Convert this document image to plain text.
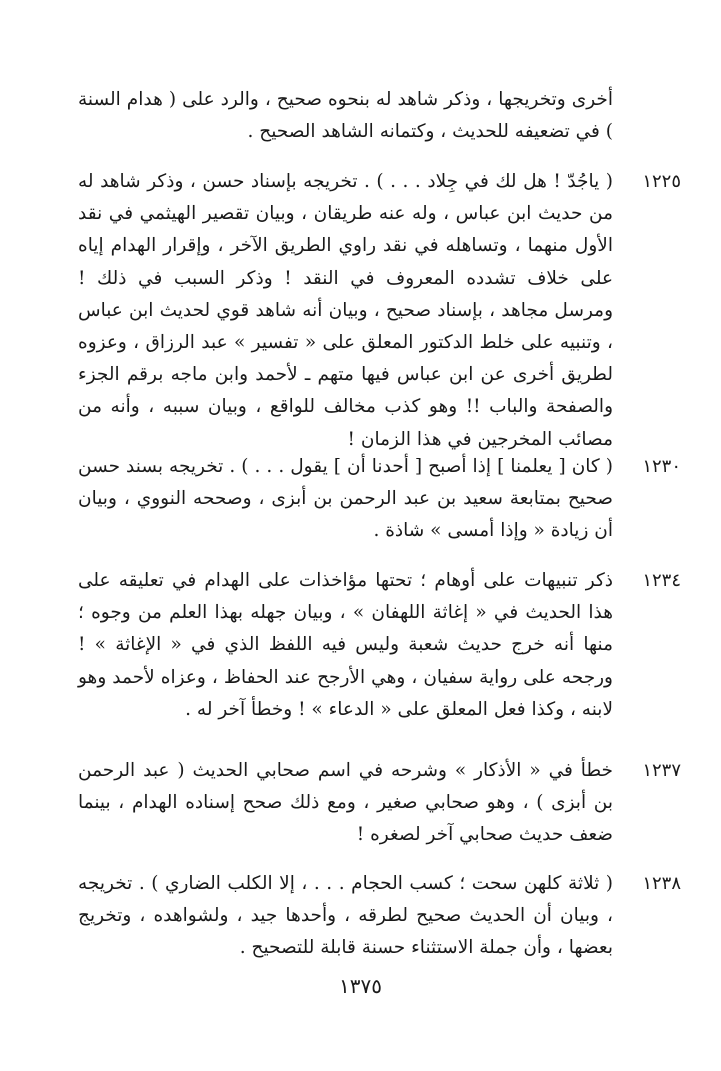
أخرى وتخريجها ، وذكر شاهد له بنحوه صحيح ، والرد على ( هدام السنة ) في تضعيفه للحديث ، وكتمانه الشاهد الصحيح .

١٢٢٥

( ياجُدّ ! هل لك في جِلاد . . . ) . تخريجه بإسناد حسن ، وذكر شاهد له من حديث ابن عباس ، وله عنه طريقان ، وبيان تقصير الهيثمي في نقد الأول منهما ، وتساهله في نقد راوي الطريق الآخر ، وإقرار الهدام إياه على خلاف تشدده المعروف في النقد ! وذكر السبب في ذلك ! ومرسل مجاهد ، بإسناد صحيح ، وبيان أنه شاهد قوي لحديث ابن عباس ، وتنبيه على خلط الدكتور المعلق على « تفسير » عبد الرزاق ، وعزوه لطريق أخرى عن ابن عباس فيها متهم ـ لأحمد وابن ماجه برقم الجزء والصفحة والباب !! وهو كذب مخالف للواقع ، وبيان سببه ، وأنه من مصائب المخرجين في هذا الزمان !

١٢٣٠

( كان [ يعلمنا ] إذا أصبح [ أحدنا أن ] يقول . . . ) . تخريجه بسند حسن صحيح بمتابعة سعيد بن عبد الرحمن بن أبزى ، وصححه النووي ، وبيان أن زيادة « وإذا أمسى » شاذة .

١٢٣٤

ذكر تنبيهات على أوهام ؛ تحتها مؤاخذات على الهدام في تعليقه على هذا الحديث في « إغاثة اللهفان » ، وبيان جهله بهذا العلم من وجوه ؛ منها أنه خرج حديث شعبة وليس فيه اللفظ الذي في « الإغاثة » ! ورجحه على رواية سفيان ، وهي الأرجح عند الحفاظ ، وعزاه لأحمد وهو لابنه ، وكذا فعل المعلق على « الدعاء » ! وخطأ آخر له .

١٢٣٧

خطأ في « الأذكار » وشرحه في اسم صحابي الحديث ( عبد الرحمن بن أبزى ) ، وهو صحابي صغير ، ومع ذلك صحح إسناده الهدام ، بينما ضعف حديث صحابي آخر لصغره !

١٢٣٨

( ثلاثة كلهن سحت ؛ كسب الحجام . . . ، إلا الكلب الضاري ) . تخريجه ، وبيان أن الحديث صحيح لطرقه ، وأحدها جيد ، ولشواهده ، وتخريج بعضها ، وأن جملة الاستثناء حسنة قابلة للتصحيح .

١٣٧٥
